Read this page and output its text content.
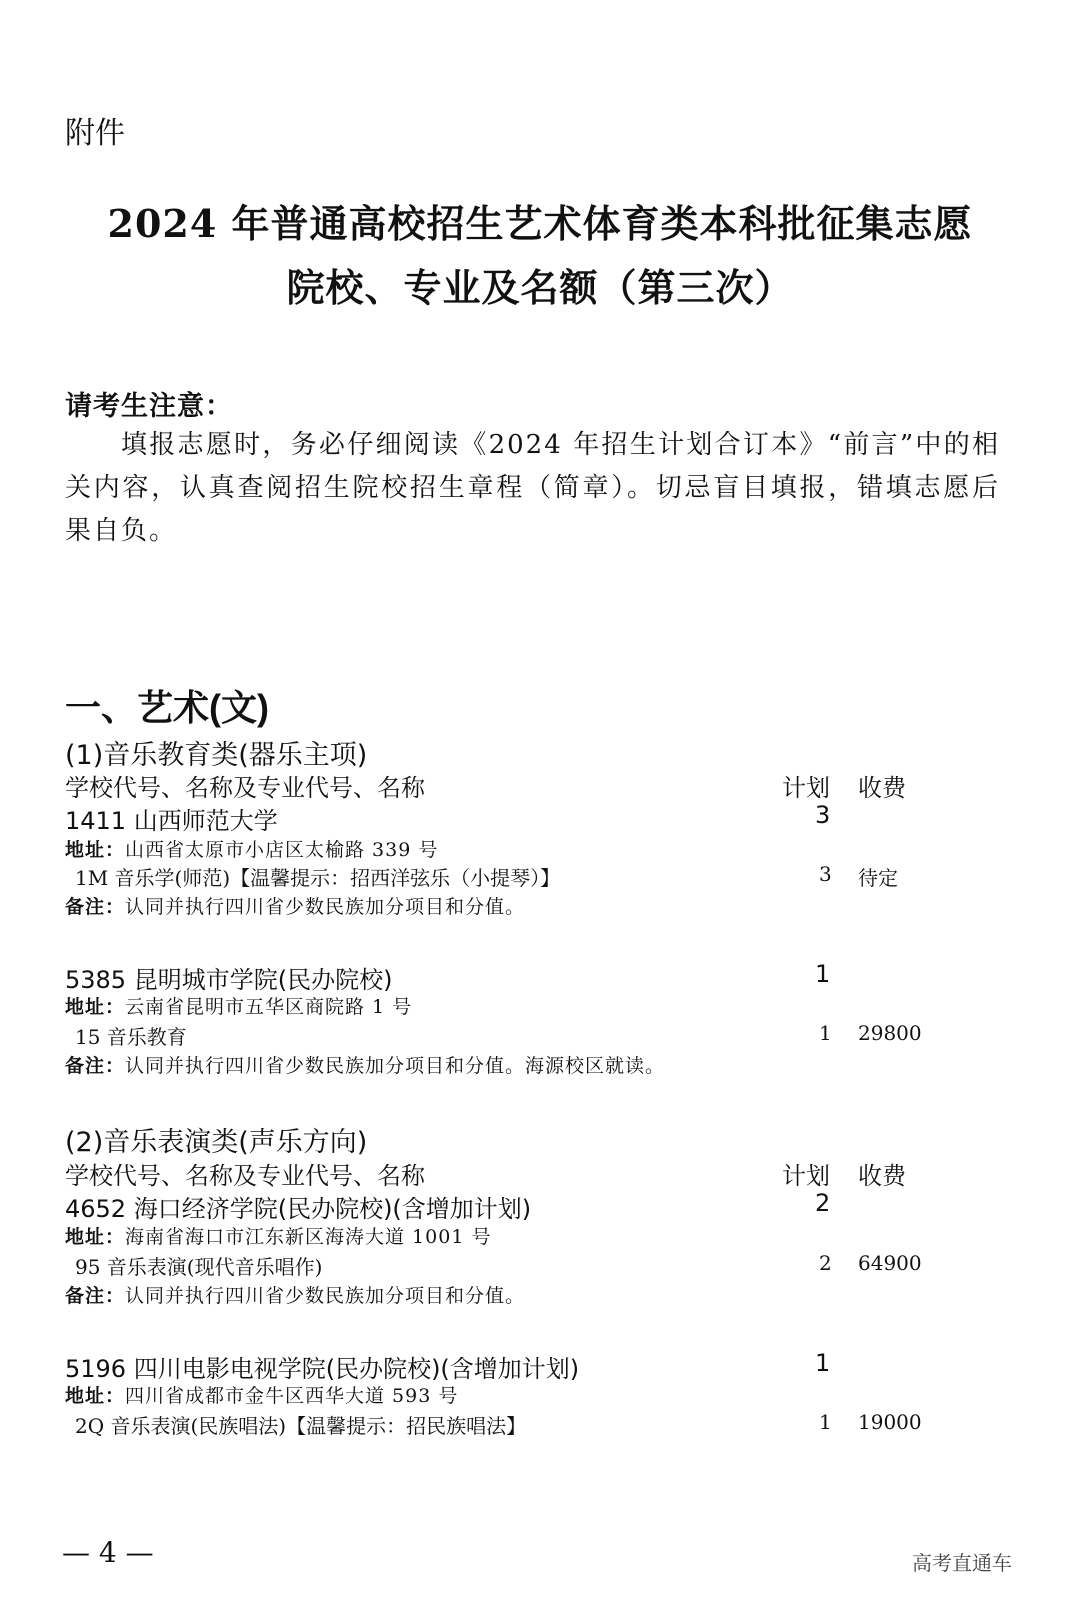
附件
2024 年普通高校招生艺术体育类本科批征集志愿
院校、专业及名额（第三次）
请考生注意：
填报志愿时，务必仔细阅读《2024 年招生计划合订本》“前言”中的相关内容，认真查阅招生院校招生章程（简章）。切忌盲目填报，错填志愿后果自负。
一、艺术(文)
(1)音乐教育类(器乐主项)
学校代号、名称及专业代号、名称	计划 收费
1411 山西师范大学	3
地址：山西省太原市小店区太榆路 339 号
1M 音乐学(师范)【温馨提示：招西洋弦乐（小提琴）】	3 待定
备注：认同并执行四川省少数民族加分项目和分值。
5385 昆明城市学院(民办院校)	1
地址：云南省昆明市五华区商院路 1 号
15 音乐教育	1 29800
备注：认同并执行四川省少数民族加分项目和分值。海源校区就读。
(2)音乐表演类(声乐方向)
学校代号、名称及专业代号、名称	计划 收费
4652 海口经济学院(民办院校)(含增加计划)	2
地址：海南省海口市江东新区海涛大道 1001 号
95 音乐表演(现代音乐唱作)	2 64900
备注：认同并执行四川省少数民族加分项目和分值。
5196 四川电影电视学院(民办院校)(含增加计划)	1
地址：四川省成都市金牛区西华大道 593 号
2Q 音乐表演(民族唱法)【温馨提示：招民族唱法】	1 19000
— 4 —	高考直通车
